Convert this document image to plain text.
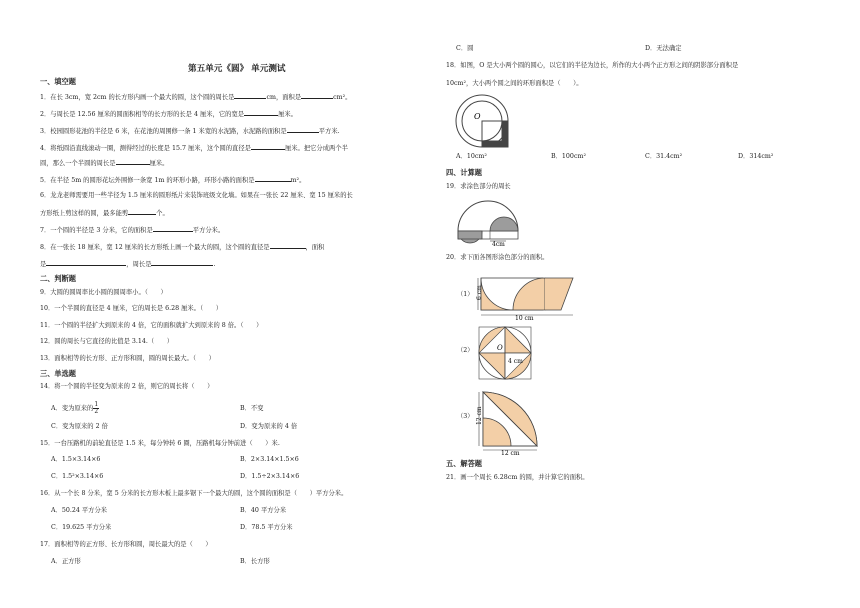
第五单元《圆》 单元测试
一、填空题
1．在长 3cm，宽 2cm 的长方形内画一个最大的圆，这个圆的周长是	cm，面积是	cm²。
2．与周长是 12.56 厘米的圆面积相等的长方形的长是 4 厘米，它的宽是	厘米。
3．校园圆形花池的半径是 6 米，在花池的周围修一条 1 米宽的水泥路，水泥路的面积是	平方米.
4．将纸圆沿直线滚动一圈，测得经过的长度是 15.7 厘米，这个圆的直径是	厘米。把它分成两个半
圆，那么一个半圆的周长是	厘米。
5．在半径 5m 的圆形花坛外围修一条宽 1m 的环形小路，环形小路的面积是	m²。
6．龙龙老师需要用一些半径为 1.5 厘米的圆形纸片来装饰班级文化墙。如果在一张长 22 厘米、宽 15 厘米的长
方形纸上剪这样的圆，最多能剪	个。
7．一个圆的半径是 3 分米，它的面积是	平方分米。
8．在一张长 18 厘米，宽 12 厘米的长方形纸上画一个最大的圆，这个圆的直径是	，面积
是	，周长是	.
二、判断题
9．大圆的圆周率比小圆的圆周率小。（　　）
10．一个半圆的直径是 4 厘米，它的周长是 6.28 厘米。（　　）
11．一个圆的半径扩大到原来的 4 倍，它的面积就扩大到原来的 8 倍。（　　）
12．圆的周长与它直径的比值是 3.14.（　　）
13．面积相等的长方形、正方形和圆，圆的周长最大。（　　）
三、单选题
14．将一个圆的半径变为原来的 2 倍，则它的周长将（　　）
A．变为原来的 $\frac{1}{2}$	B．不变
C．变为原来的 2 倍	D．变为原来的 4 倍
15．一台压路机的前轮直径是 1.5 米，每分钟转 6 圈，压路机每分钟前进（　　）米.
A．1.5×3.14×6	B．2×3.14×1.5×6
C．1.5²×3.14×6	D．1.5÷2×3.14×6
16．从一个长 8 分米，宽 5 分米的长方形木板上最多锯下一个最大的圆，这个圆的面积是（　　）平方分米。
A．50.24 平方分米	B．40 平方分米
C．19.625 平方分米	D．78.5 平方分米
17．面积相等的正方形、长方形和圆，周长最大的是（　　）
A．正方形	B．长方形
C．圆	D．无法确定
18．如图，O 是大小两个圆的圆心，以它们的半径为边长，所作的大小两个正方形之间的阴影部分面积是
10cm²，大小两个圆之间的环形面积是（　　）。
O
A．10cm²	B．100cm²	C．31.4cm²	D．314cm²
四、计算题
19．求涂色部分的周长
4cm
20．求下面各图形涂色部分的面积。
（1） 6 cm
10 cm
（2）	O
4 cm
（3） 12 cm
12 cm
五、解答题
21．画一个周长 6.28cm 的圆，并计算它的面积。
